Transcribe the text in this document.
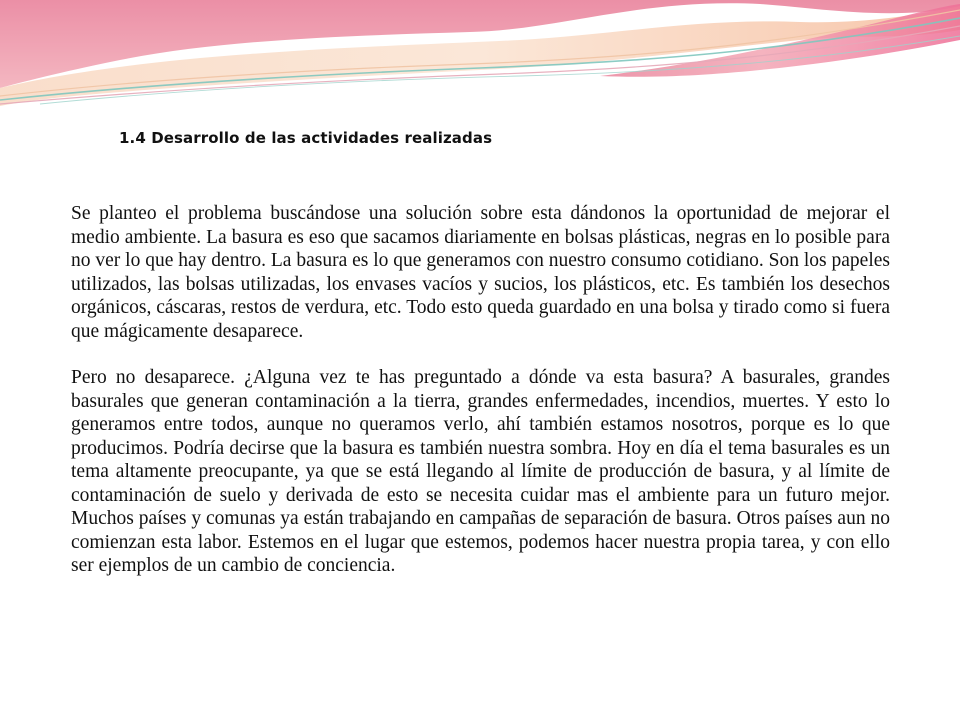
1.4 Desarrollo de las actividades realizadas

Se planteo el problema buscándose una solución sobre esta dándonos la oportunidad de mejorar el medio ambiente. La basura es eso que sacamos diariamente en bolsas plásticas, negras en lo posible para no ver lo que hay dentro. La basura es lo que generamos con nuestro consumo cotidiano. Son los papeles utilizados, las bolsas utilizadas, los envases vacíos y sucios, los plásticos, etc. Es también los desechos orgánicos, cáscaras, restos de verdura, etc. Todo esto queda guardado en una bolsa y tirado como si fuera que mágicamente desaparece.

Pero no desaparece. ¿Alguna vez te has preguntado a dónde va esta basura? A basurales, grandes basurales que generan contaminación a la tierra, grandes enfermedades, incendios, muertes. Y esto lo generamos entre todos, aunque no queramos verlo, ahí también estamos nosotros, porque es lo que producimos. Podría decirse que la basura es también nuestra sombra. Hoy en día el tema basurales es un tema altamente preocupante, ya que se está llegando al límite de producción de basura, y al límite de contaminación de suelo y derivada de esto se necesita cuidar mas el ambiente para un futuro mejor. Muchos países y comunas ya están trabajando en campañas de separación de basura. Otros países aun no comienzan esta labor. Estemos en el lugar que estemos, podemos hacer nuestra propia tarea, y con ello ser ejemplos de un cambio de conciencia.
